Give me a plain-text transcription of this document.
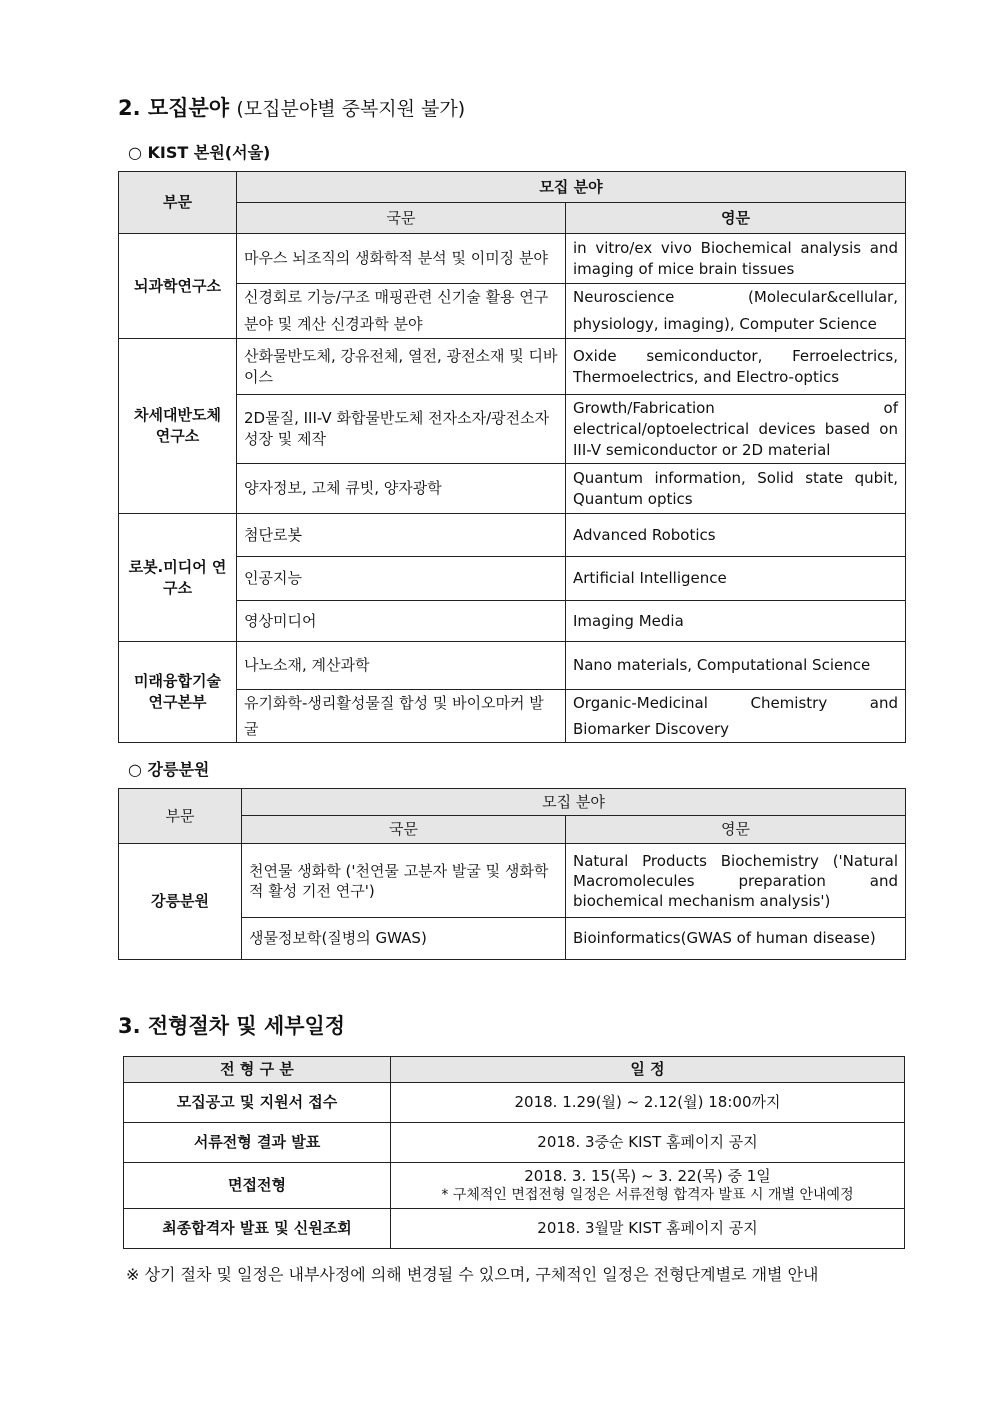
2. 모집분야 (모집분야별 중복지원 불가)
○ KIST 본원(서울)
부문	모집 분야	
	국문	영문
뇌과학연구소	마우스 뇌조직의 생화학적 분석 및 이미징 분야	in vitro/ex vivo Biochemical analysis and imaging of mice brain tissues
	신경회로 기능/구조 매핑관련 신기술 활용 연구 분야 및 계산 신경과학 분야	Neuroscience (Molecular&cellular, physiology, imaging), Computer Science
차세대반도체 연구소	산화물반도체, 강유전체, 열전, 광전소재 및 디바이스	Oxide semiconductor, Ferroelectrics, Thermoelectrics, and Electro-optics
	2D물질, III-V 화합물반도체 전자소자/광전소자 성장 및 제작	Growth/Fabrication of electrical/optoelectrical devices based on III-V semiconductor or 2D material
	양자정보, 고체 큐빗, 양자광학	Quantum information, Solid state qubit, Quantum optics
로봇.미디어 연구소	첨단로봇	Advanced Robotics
	인공지능	Artificial Intelligence
	영상미디어	Imaging Media
미래융합기술 연구본부	나노소재, 계산과학	Nano materials, Computational Science
	유기화학-생리활성물질 합성 및 바이오마커 발굴	Organic-Medicinal Chemistry and Biomarker Discovery
○ 강릉분원
부문	모집 분야	
	국문	영문
강릉분원	천연물 생화학 ('천연물 고분자 발굴 및 생화학적 활성 기전 연구')	Natural Products Biochemistry ('Natural Macromolecules preparation and biochemical mechanism analysis')
	생물정보학(질병의 GWAS)	Bioinformatics(GWAS of human disease)
3. 전형절차 및 세부일정
전 형 구 분	일 정
모집공고 및 지원서 접수	2018. 1.29(월) ~ 2.12(월) 18:00까지
서류전형 결과 발표	2018. 3중순 KIST 홈페이지 공지
면접전형	2018. 3. 15(목) ~ 3. 22(목) 중 1일
* 구체적인 면접전형 일정은 서류전형 합격자 발표 시 개별 안내예정

최종합격자 발표 및 신원조회	2018. 3월말 KIST 홈페이지 공지
※ 상기 절차 및 일정은 내부사정에 의해 변경될 수 있으며, 구체적인 일정은 전형단계별로 개별 안내
